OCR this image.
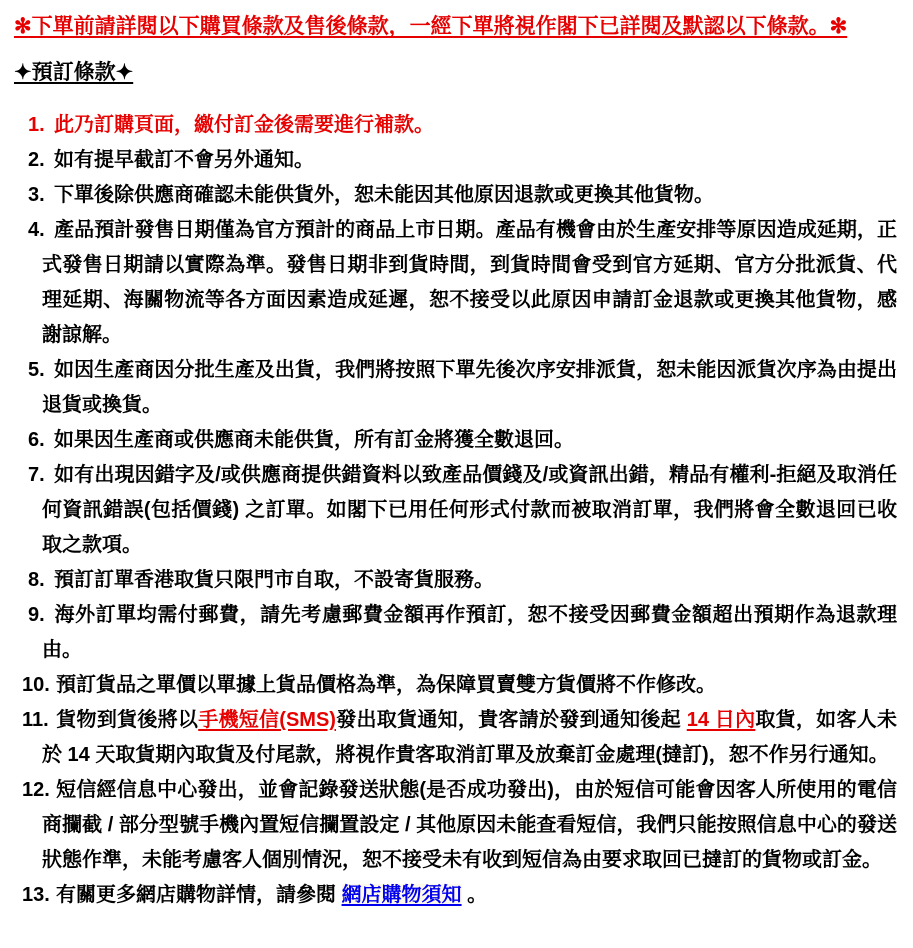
✻下單前請詳閱以下購買條款及售後條款，一經下單將視作閣下已詳閱及默認以下條款。✻

✦預訂條款✦

1. 此乃訂購頁面，繳付訂金後需要進行補款。

2. 如有提早截訂不會另外通知。

3. 下單後除供應商確認未能供貨外，恕未能因其他原因退款或更換其他貨物。

4. 產品預計發售日期僅為官方預計的商品上市日期。產品有機會由於生產安排等原因造成延期，正式發售日期請以實際為準。發售日期非到貨時間，到貨時間會受到官方延期、官方分批派貨、代理延期、海關物流等各方面因素造成延遲，恕不接受以此原因申請訂金退款或更換其他貨物，感謝諒解。

5. 如因生產商因分批生產及出貨，我們將按照下單先後次序安排派貨，恕未能因派貨次序為由提出退貨或換貨。

6. 如果因生產商或供應商未能供貨，所有訂金將獲全數退回。

7. 如有出現因錯字及/或供應商提供錯資料以致產品價錢及/或資訊出錯，精品有權利-拒絕及取消任何資訊錯誤(包括價錢) 之訂單。如閣下已用任何形式付款而被取消訂單，我們將會全數退回已收取之款項。

8. 預訂訂單香港取貨只限門市自取，不設寄貨服務。

9. 海外訂單均需付郵費，請先考慮郵費金額再作預訂，恕不接受因郵費金額超出預期作為退款理由。

10. 預訂貨品之單價以單據上貨品價格為準，為保障買賣雙方貨價將不作修改。

11. 貨物到貨後將以手機短信(SMS)發出取貨通知，貴客請於發到通知後起 14 日內取貨，如客人未於 14 天取貨期內取貨及付尾款，將視作貴客取消訂單及放棄訂金處理(撻訂)，恕不作另行通知。

12. 短信經信息中心發出，並會記錄發送狀態(是否成功發出)，由於短信可能會因客人所使用的電信商攔截 / 部分型號手機內置短信攔置設定 / 其他原因未能查看短信，我們只能按照信息中心的發送狀態作準，未能考慮客人個別情況，恕不接受未有收到短信為由要求取回已撻訂的貨物或訂金。

13. 有關更多網店購物詳情，請參閱 網店購物須知 。
